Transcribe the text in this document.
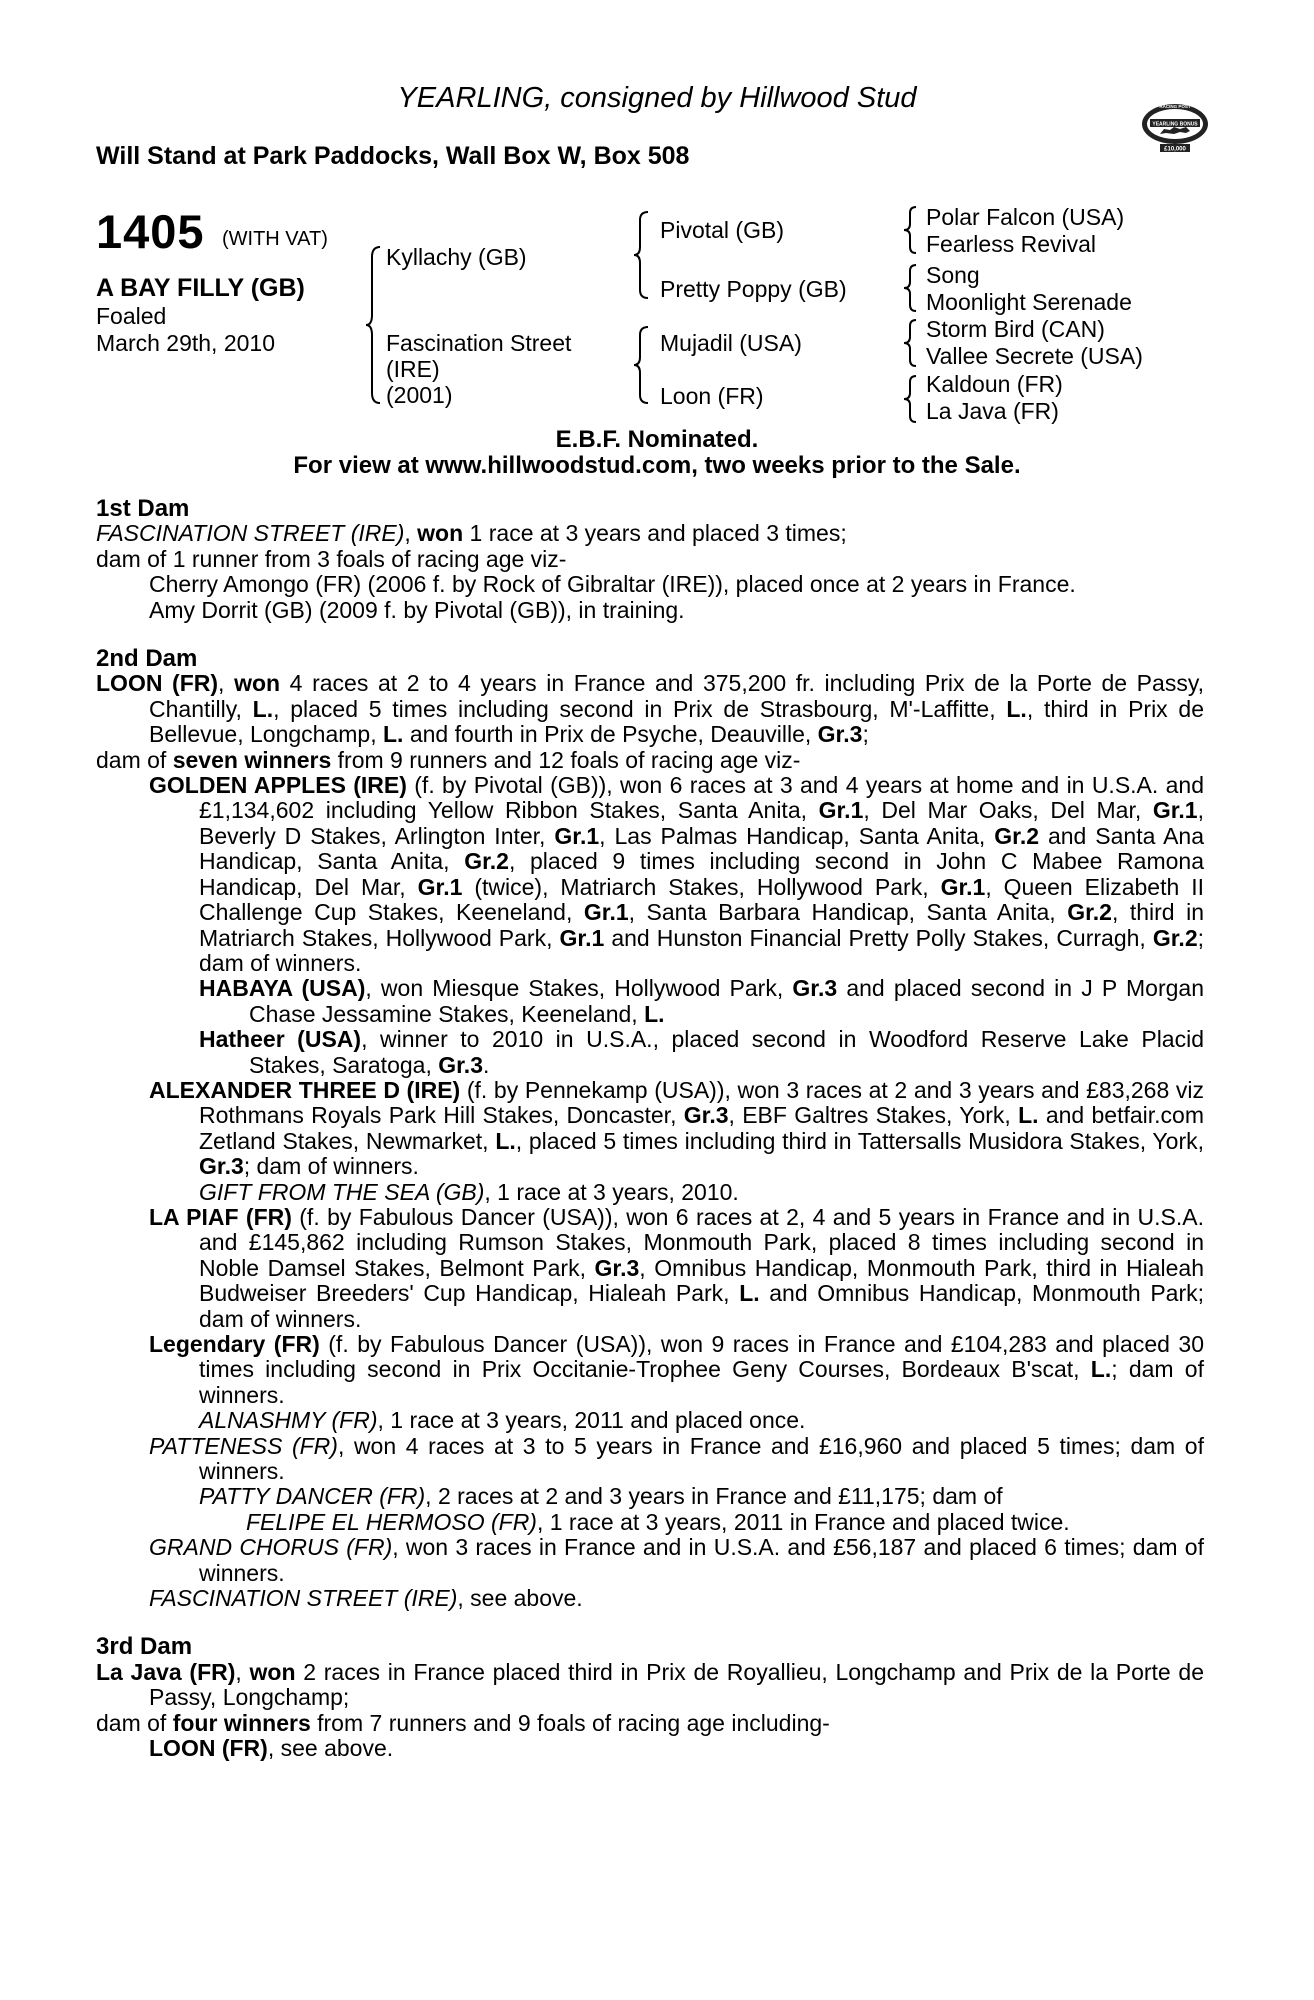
YEARLING, consigned by Hillwood Stud
Will Stand at Park Paddocks, Wall Box W, Box 508
RACING POST
YEARLING BONUS
£10,000
1405 (WITH VAT)
A BAY FILLY (GB)
Foaled
March 29th, 2010
Kyllachy (GB)
Fascination Street
(IRE)
(2001)
Pivotal (GB)
Pretty Poppy (GB)
Mujadil (USA)
Loon (FR)
Polar Falcon (USA)
Fearless Revival
Song
Moonlight Serenade
Storm Bird (CAN)
Vallee Secrete (USA)
Kaldoun (FR)
La Java (FR)
E.B.F. Nominated.
For view at www.hillwoodstud.com, two weeks prior to the Sale.
1st Dam

FASCINATION STREET (IRE), won 1 race at 3 years and placed 3 times;

dam of 1 runner from 3 foals of racing age viz-

Cherry Amongo (FR) (2006 f. by Rock of Gibraltar (IRE)), placed once at 2 years in France.

Amy Dorrit (GB) (2009 f. by Pivotal (GB)), in training.

2nd Dam

LOON (FR), won 4 races at 2 to 4 years in France and 375,200 fr. including Prix de la Porte de Passy, Chantilly, L., placed 5 times including second in Prix de Strasbourg, M'-Laffitte, L., third in Prix de Bellevue, Longchamp, L. and fourth in Prix de Psyche, Deauville, Gr.3;

dam of seven winners from 9 runners and 12 foals of racing age viz-

GOLDEN APPLES (IRE) (f. by Pivotal (GB)), won 6 races at 3 and 4 years at home and in U.S.A. and £1,134,602 including Yellow Ribbon Stakes, Santa Anita, Gr.1, Del Mar Oaks, Del Mar, Gr.1, Beverly D Stakes, Arlington Inter, Gr.1, Las Palmas Handicap, Santa Anita, Gr.2 and Santa Ana Handicap, Santa Anita, Gr.2, placed 9 times including second in John C Mabee Ramona Handicap, Del Mar, Gr.1 (twice), Matriarch Stakes, Hollywood Park, Gr.1, Queen Elizabeth II Challenge Cup Stakes, Keeneland, Gr.1, Santa Barbara Handicap, Santa Anita, Gr.2, third in Matriarch Stakes, Hollywood Park, Gr.1 and Hunston Financial Pretty Polly Stakes, Curragh, Gr.2; dam of winners.

HABAYA (USA), won Miesque Stakes, Hollywood Park, Gr.3 and placed second in J P Morgan Chase Jessamine Stakes, Keeneland, L.

Hatheer (USA), winner to 2010 in U.S.A., placed second in Woodford Reserve Lake Placid Stakes, Saratoga, Gr.3.

ALEXANDER THREE D (IRE) (f. by Pennekamp (USA)), won 3 races at 2 and 3 years and £83,268 viz Rothmans Royals Park Hill Stakes, Doncaster, Gr.3, EBF Galtres Stakes, York, L. and betfair.com Zetland Stakes, Newmarket, L., placed 5 times including third in Tattersalls Musidora Stakes, York, Gr.3; dam of winners.

GIFT FROM THE SEA (GB), 1 race at 3 years, 2010.

LA PIAF (FR) (f. by Fabulous Dancer (USA)), won 6 races at 2, 4 and 5 years in France and in U.S.A. and £145,862 including Rumson Stakes, Monmouth Park, placed 8 times including second in Noble Damsel Stakes, Belmont Park, Gr.3, Omnibus Handicap, Monmouth Park, third in Hialeah Budweiser Breeders' Cup Handicap, Hialeah Park, L. and Omnibus Handicap, Monmouth Park; dam of winners.

Legendary (FR) (f. by Fabulous Dancer (USA)), won 9 races in France and £104,283 and placed 30 times including second in Prix Occitanie-Trophee Geny Courses, Bordeaux B'scat, L.; dam of winners.

ALNASHMY (FR), 1 race at 3 years, 2011 and placed once.

PATTENESS (FR), won 4 races at 3 to 5 years in France and £16,960 and placed 5 times; dam of winners.

PATTY DANCER (FR), 2 races at 2 and 3 years in France and £11,175; dam of

FELIPE EL HERMOSO (FR), 1 race at 3 years, 2011 in France and placed twice.

GRAND CHORUS (FR), won 3 races in France and in U.S.A. and £56,187 and placed 6 times; dam of winners.

FASCINATION STREET (IRE), see above.

3rd Dam

La Java (FR), won 2 races in France placed third in Prix de Royallieu, Longchamp and Prix de la Porte de Passy, Longchamp;

dam of four winners from 7 runners and 9 foals of racing age including-

LOON (FR), see above.
